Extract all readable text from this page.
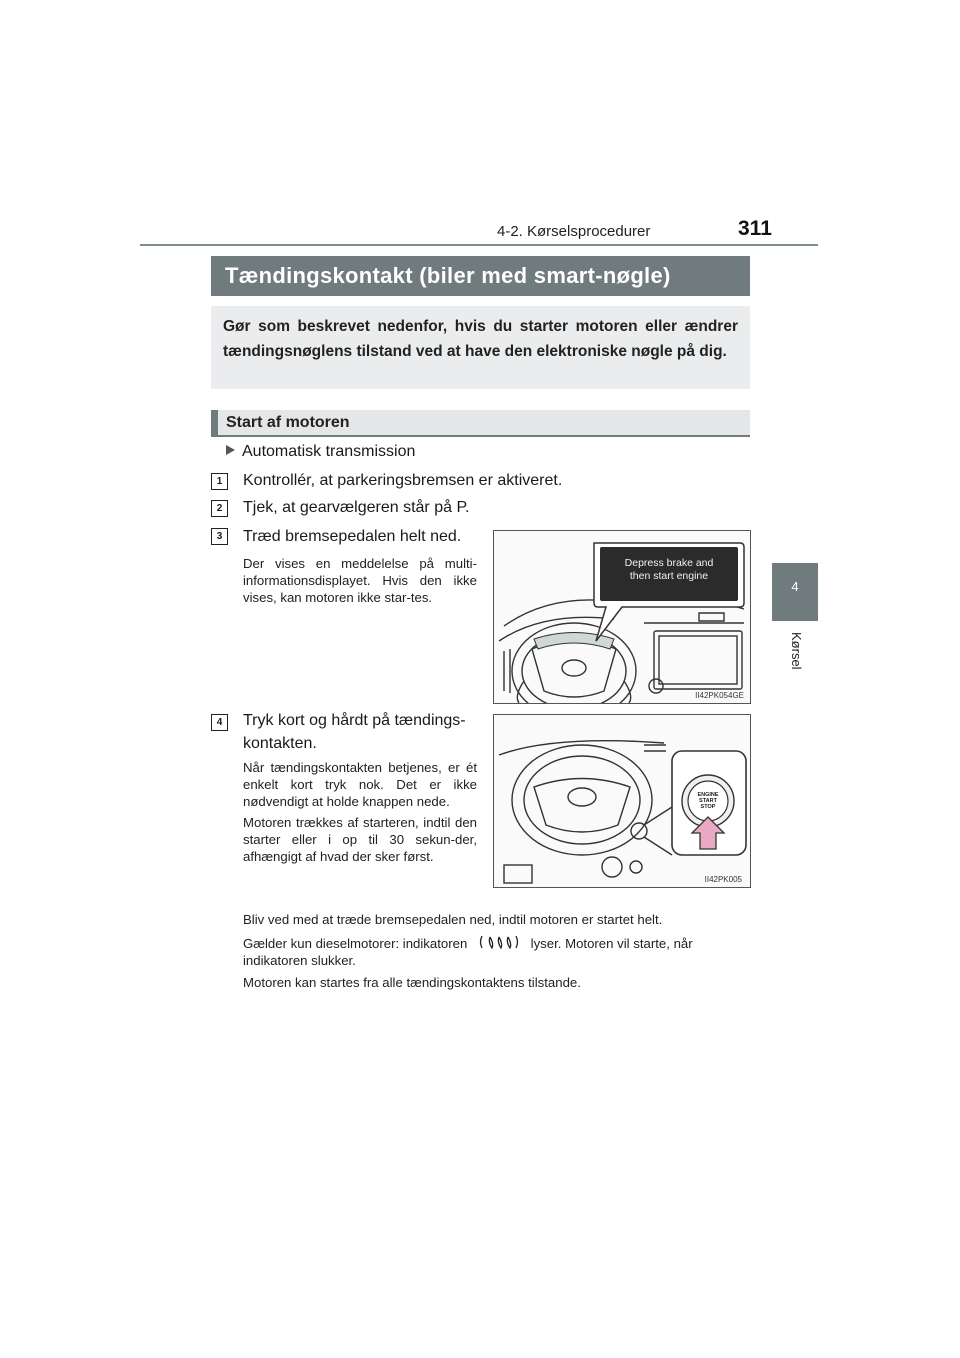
4-2. Kørselsprocedurer	311
4
Kørsel
Tændingskontakt (biler med smart-nøgle)
Gør som beskrevet nedenfor, hvis du starter motoren eller ændrer tændingsnøglens tilstand ved at have den elektroniske nøgle på dig.
Start af motoren
Automatisk transmission
1	Kontrollér, at parkeringsbremsen er aktiveret.
2	Tjek, at gearvælgeren står på P.
3	Træd bremsepedalen helt ned.
Der vises en meddelelse på multi-informationsdisplayet. Hvis den ikke vises, kan motoren ikke star-tes.
Depress brake and
then start engine
II42PK054GE
4	Tryk kort og hårdt på tændings-kontakten.

Når tændingskontakten betjenes, er ét enkelt kort tryk nok. Det er ikke nødvendigt at holde knappen nede.

Motoren trækkes af starteren, indtil den starter eller i op til 30 sekun-der, afhængigt af hvad der sker først.

ENGINE
START
STOP
II42PK005
Bliv ved med at træde bremsepedalen ned, indtil motoren er startet helt.
Gælder kun dieselmotorer: indikatoren	lyser. Motoren vil starte, når indikatoren slukker.
Motoren kan startes fra alle tændingskontaktens tilstande.
